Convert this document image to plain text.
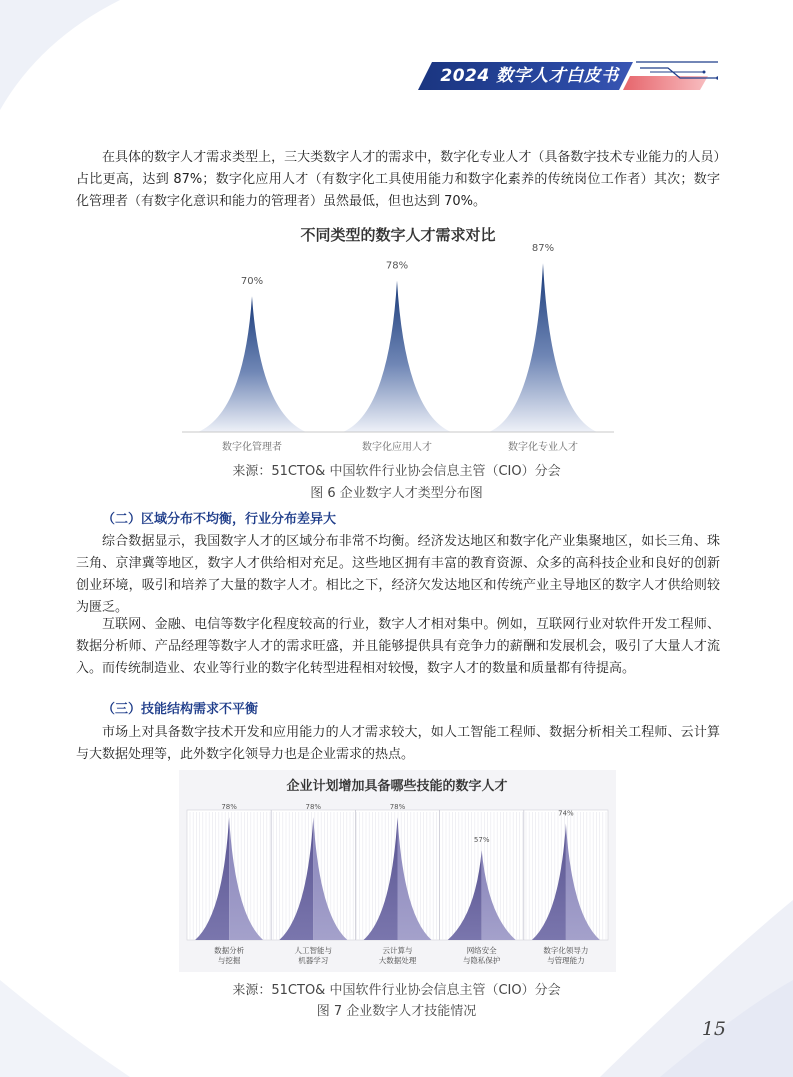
2024 数字人才白皮书
在具体的数字人才需求类型上，三大类数字人才的需求中，数字化专业人才（具备数字技术专业能力的人员）占比更高，达到 87%；数字化应用人才（有数字化工具使用能力和数字化素养的传统岗位工作者）其次；数字化管理者（有数字化意识和能力的管理者）虽然最低，但也达到 70%。
不同类型的数字人才需求对比
70%
数字化管理者
78%
数字化应用人才
87%
数字化专业人才
来源：51CTO& 中国软件行业协会信息主管（CIO）分会
图 6 企业数字人才类型分布图
（二）区域分布不均衡，行业分布差异大
综合数据显示，我国数字人才的区域分布非常不均衡。经济发达地区和数字化产业集聚地区，如长三角、珠三角、京津冀等地区，数字人才供给相对充足。这些地区拥有丰富的教育资源、众多的高科技企业和良好的创新创业环境，吸引和培养了大量的数字人才。相比之下，经济欠发达地区和传统产业主导地区的数字人才供给则较为匮乏。
互联网、金融、电信等数字化程度较高的行业，数字人才相对集中。例如，互联网行业对软件开发工程师、数据分析师、产品经理等数字人才的需求旺盛，并且能够提供具有竞争力的薪酬和发展机会，吸引了大量人才流入。而传统制造业、农业等行业的数字化转型进程相对较慢，数字人才的数量和质量都有待提高。
（三）技能结构需求不平衡
市场上对具备数字技术开发和应用能力的人才需求较大，如人工智能工程师、数据分析相关工程师、云计算与大数据处理等，此外数字化领导力也是企业需求的热点。
企业计划增加具备哪些技能的数字人才
78%
数据分析
与挖掘
78%
人工智能与
机器学习
78%
云计算与
大数据处理
57%
网络安全
与隐私保护
74%
数字化领导力
与管理能力
来源：51CTO& 中国软件行业协会信息主管（CIO）分会
图 7 企业数字人才技能情况
15
